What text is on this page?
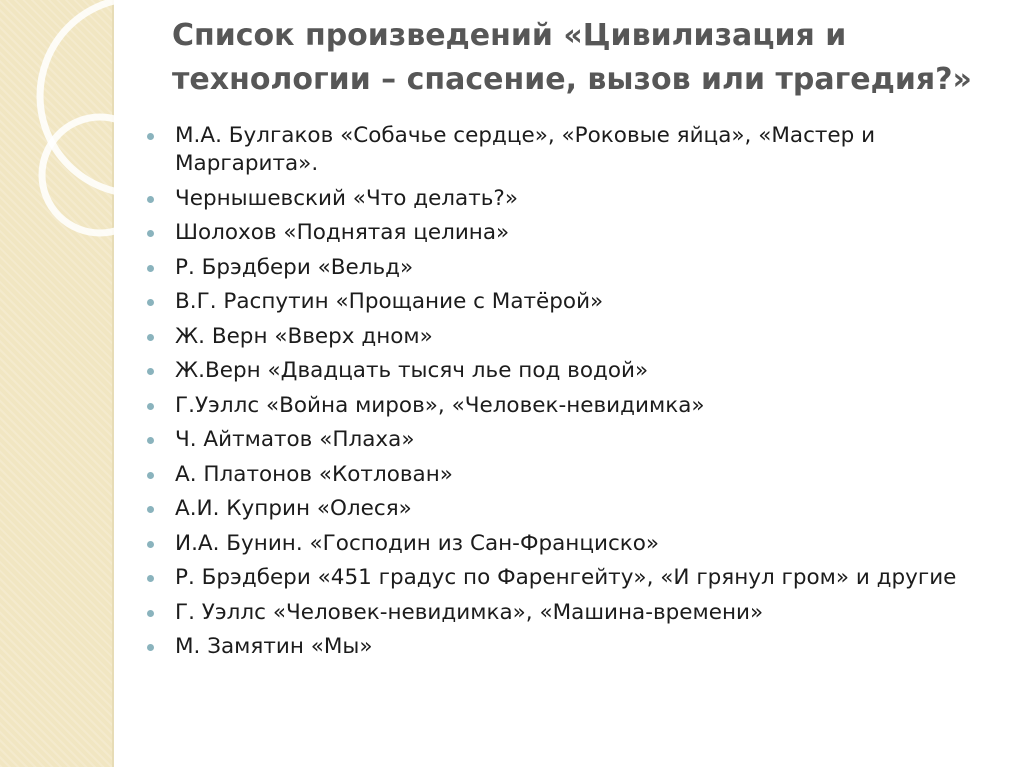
Список произведений «Цивилизация и технологии – спасение, вызов или трагедия?»
М.А. Булгаков «Собачье сердце», «Роковые яйца», «Мастер и Маргарита».
Чернышевский «Что делать?»
Шолохов «Поднятая целина»
Р. Брэдбери «Вельд»
В.Г. Распутин «Прощание с Матёрой»
Ж. Верн «Вверх дном»
Ж.Верн «Двадцать тысяч лье под водой»
Г.Уэллс «Война миров», «Человек-невидимка»
Ч. Айтматов «Плаха»
А. Платонов «Котлован»
А.И. Куприн «Олеся»
И.А. Бунин. «Господин из Сан-Франциско»
Р. Брэдбери «451 градус по Фаренгейту», «И грянул гром» и другие
Г. Уэллс «Человек-невидимка», «Машина-времени»
М. Замятин «Мы»
